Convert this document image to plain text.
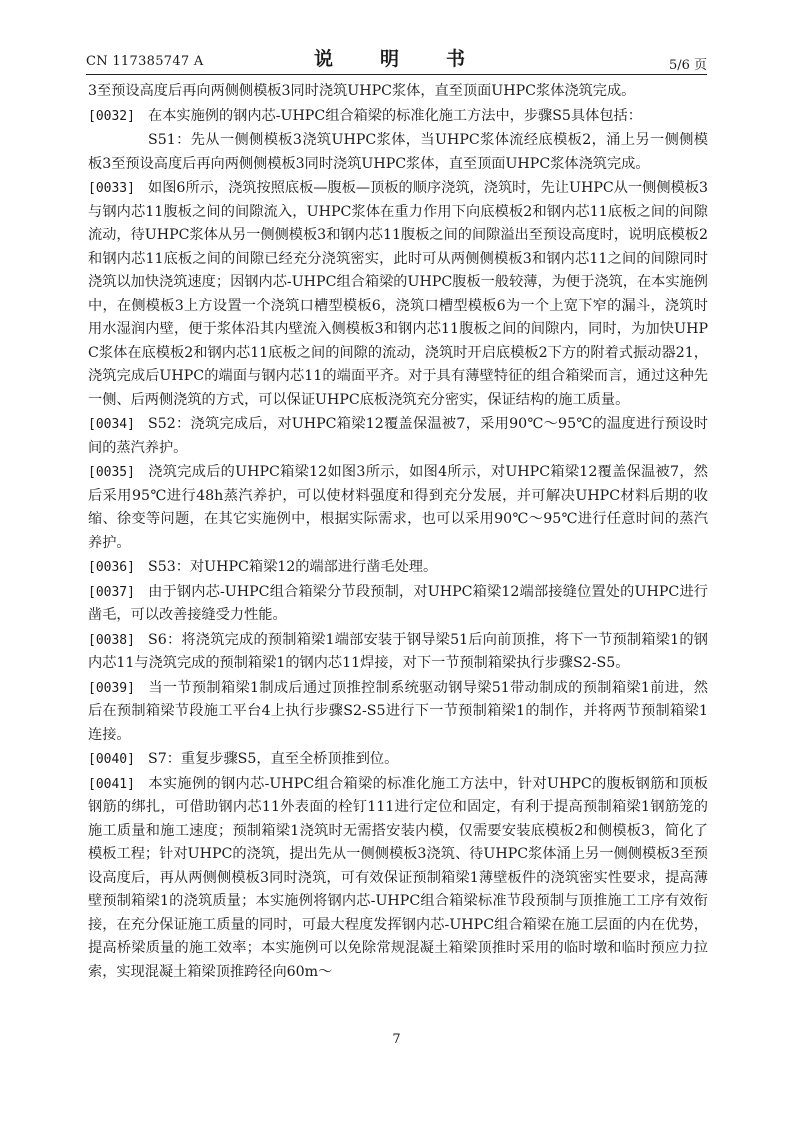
CN 117385747 A	说　明　书	5/6 页

3至预设高度后再向两侧侧模板3同时浇筑UHPC浆体，直至顶面UHPC浆体浇筑完成。

[0032] 在本实施例的钢内芯-UHPC组合箱梁的标准化施工方法中，步骤S5具体包括：

S51：先从一侧侧模板3浇筑UHPC浆体，当UHPC浆体流经底模板2，涌上另一侧侧模板3至预设高度后再向两侧侧模板3同时浇筑UHPC浆体，直至顶面UHPC浆体浇筑完成。

[0033] 如图6所示，浇筑按照底板—腹板—顶板的顺序浇筑，浇筑时，先让UHPC从一侧侧模板3与钢内芯11腹板之间的间隙流入，UHPC浆体在重力作用下向底模板2和钢内芯11底板之间的间隙流动，待UHPC浆体从另一侧侧模板3和钢内芯11腹板之间的间隙溢出至预设高度时，说明底模板2和钢内芯11底板之间的间隙已经充分浇筑密实，此时可从两侧侧模板3和钢内芯11之间的间隙同时浇筑以加快浇筑速度；因钢内芯-UHPC组合箱梁的UHPC腹板一般较薄，为便于浇筑，在本实施例中，在侧模板3上方设置一个浇筑口槽型模板6，浇筑口槽型模板6为一个上宽下窄的漏斗，浇筑时用水湿润内壁，便于浆体沿其内壁流入侧模板3和钢内芯11腹板之间的间隙内，同时，为加快UHPC浆体在底模板2和钢内芯11底板之间的间隙的流动，浇筑时开启底模板2下方的附着式振动器21，浇筑完成后UHPC的端面与钢内芯11的端面平齐。对于具有薄壁特征的组合箱梁而言，通过这种先一侧、后两侧浇筑的方式，可以保证UHPC底板浇筑充分密实，保证结构的施工质量。

[0034] S52：浇筑完成后，对UHPC箱梁12覆盖保温被7，采用90℃～95℃的温度进行预设时间的蒸汽养护。

[0035] 浇筑完成后的UHPC箱梁12如图3所示，如图4所示，对UHPC箱梁12覆盖保温被7，然后采用95℃进行48h蒸汽养护，可以使材料强度和得到充分发展，并可解决UHPC材料后期的收缩、徐变等问题，在其它实施例中，根据实际需求，也可以采用90℃～95℃进行任意时间的蒸汽养护。

[0036] S53：对UHPC箱梁12的端部进行凿毛处理。

[0037] 由于钢内芯-UHPC组合箱梁分节段预制，对UHPC箱梁12端部接缝位置处的UHPC进行凿毛，可以改善接缝受力性能。

[0038] S6：将浇筑完成的预制箱梁1端部安装于钢导梁51后向前顶推，将下一节预制箱梁1的钢内芯11与浇筑完成的预制箱梁1的钢内芯11焊接，对下一节预制箱梁执行步骤S2-S5。

[0039] 当一节预制箱梁1制成后通过顶推控制系统驱动钢导梁51带动制成的预制箱梁1前进，然后在预制箱梁节段施工平台4上执行步骤S2-S5进行下一节预制箱梁1的制作，并将两节预制箱梁1连接。

[0040] S7：重复步骤S5，直至全桥顶推到位。

[0041] 本实施例的钢内芯-UHPC组合箱梁的标准化施工方法中，针对UHPC的腹板钢筋和顶板钢筋的绑扎，可借助钢内芯11外表面的栓钉111进行定位和固定，有利于提高预制箱梁1钢筋笼的施工质量和施工速度；预制箱梁1浇筑时无需搭安装内模，仅需要安装底模板2和侧模板3，简化了模板工程；针对UHPC的浇筑，提出先从一侧侧模板3浇筑、待UHPC浆体涌上另一侧侧模板3至预设高度后，再从两侧侧模板3同时浇筑，可有效保证预制箱梁1薄壁板件的浇筑密实性要求，提高薄壁预制箱梁1的浇筑质量；本实施例将钢内芯-UHPC组合箱梁标准节段预制与顶推施工工序有效衔接，在充分保证施工质量的同时，可最大程度发挥钢内芯-UHPC组合箱梁在施工层面的内在优势，提高桥梁质量的施工效率；本实施例可以免除常规混凝土箱梁顶推时采用的临时墩和临时预应力拉索，实现混凝土箱梁顶推跨径向60m～

7
